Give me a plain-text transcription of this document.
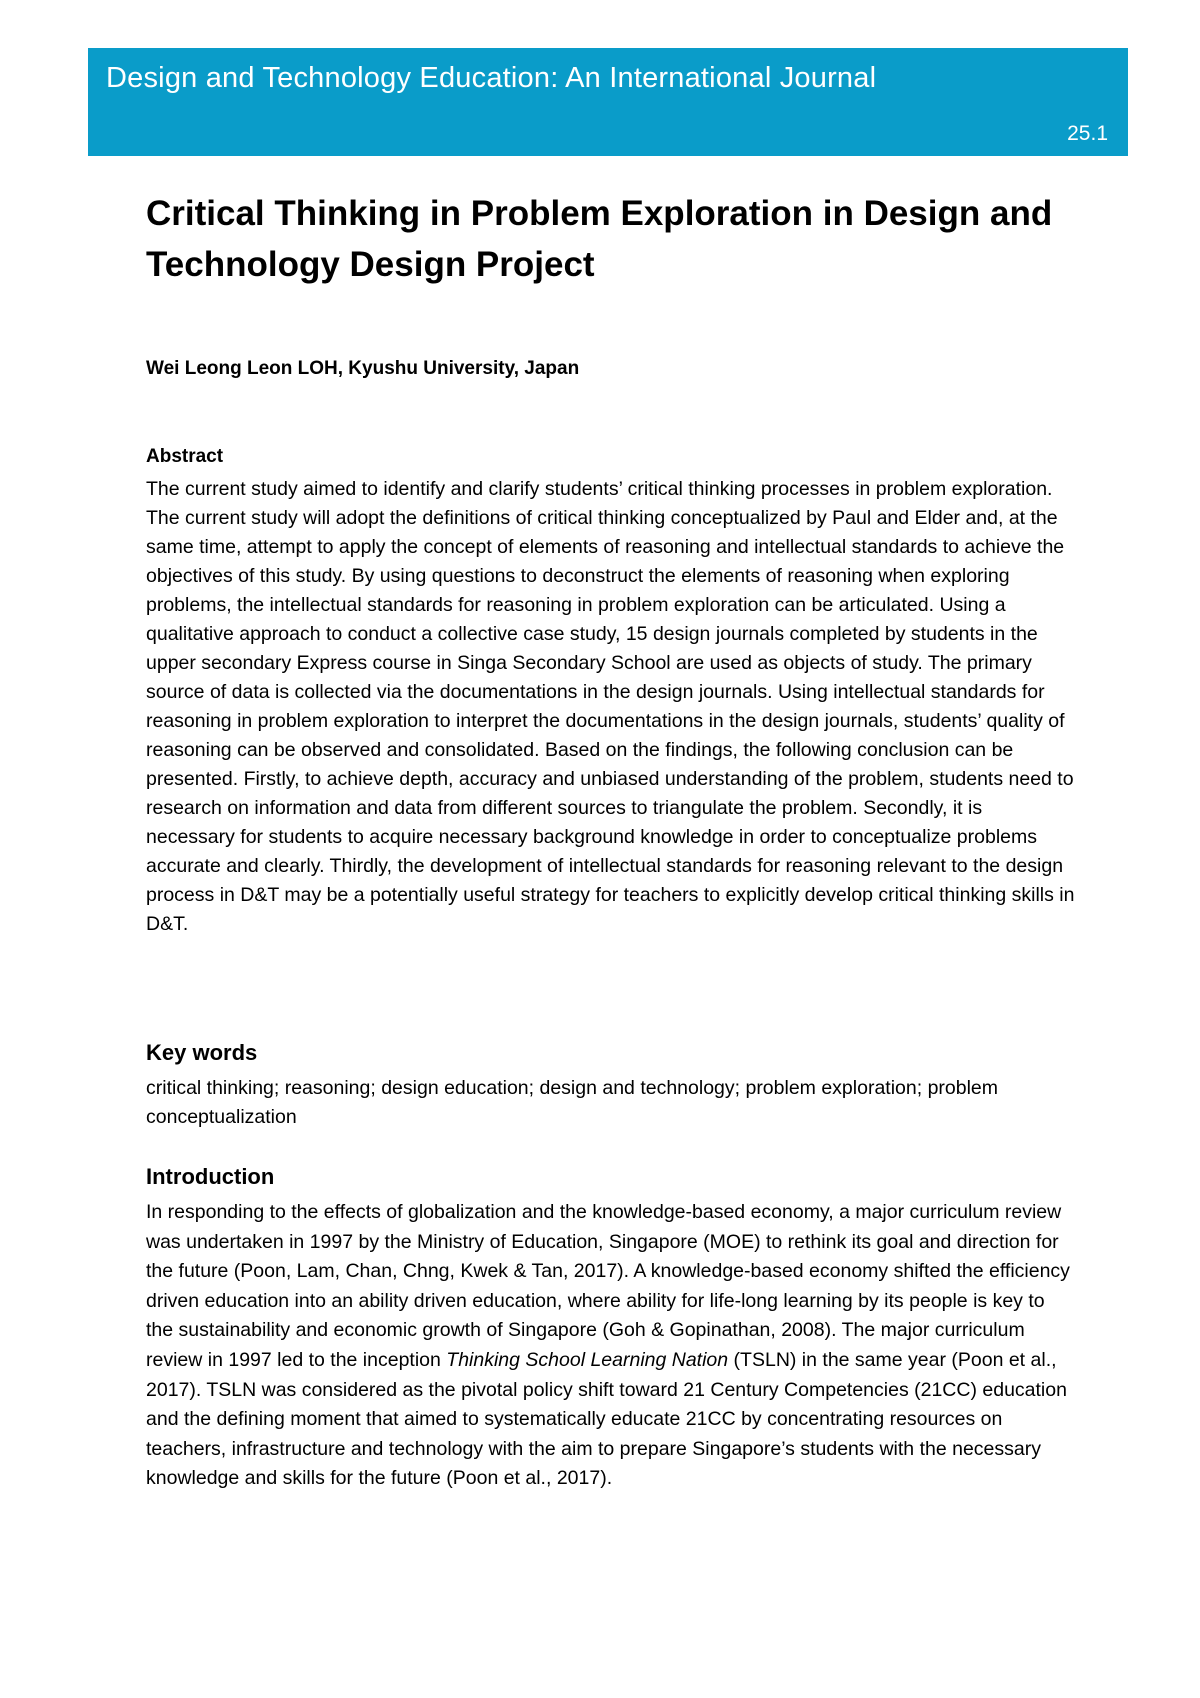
Design and Technology Education: An International Journal
25.1
Critical Thinking in Problem Exploration in Design and Technology Design Project

Wei Leong Leon LOH, Kyushu University, Japan

Abstract

The current study aimed to identify and clarify students’ critical thinking processes in problem exploration. The current study will adopt the definitions of critical thinking conceptualized by Paul and Elder and, at the same time, attempt to apply the concept of elements of reasoning and intellectual standards to achieve the objectives of this study. By using questions to deconstruct the elements of reasoning when exploring problems, the intellectual standards for reasoning in problem exploration can be articulated. Using a qualitative approach to conduct a collective case study, 15 design journals completed by students in the upper secondary Express course in Singa Secondary School are used as objects of study. The primary source of data is collected via the documentations in the design journals. Using intellectual standards for reasoning in problem exploration to interpret the documentations in the design journals, students’ quality of reasoning can be observed and consolidated. Based on the findings, the following conclusion can be presented. Firstly, to achieve depth, accuracy and unbiased understanding of the problem, students need to research on information and data from different sources to triangulate the problem. Secondly, it is necessary for students to acquire necessary background knowledge in order to conceptualize problems accurate and clearly. Thirdly, the development of intellectual standards for reasoning relevant to the design process in D&T may be a potentially useful strategy for teachers to explicitly develop critical thinking skills in D&T.

Key words

critical thinking; reasoning; design education; design and technology; problem exploration; problem conceptualization

Introduction

In responding to the effects of globalization and the knowledge-based economy, a major curriculum review was undertaken in 1997 by the Ministry of Education, Singapore (MOE) to rethink its goal and direction for the future (Poon, Lam, Chan, Chng, Kwek & Tan, 2017). A knowledge-based economy shifted the efficiency driven education into an ability driven education, where ability for life-long learning by its people is key to the sustainability and economic growth of Singapore (Goh & Gopinathan, 2008). The major curriculum review in 1997 led to the inception Thinking School Learning Nation (TSLN) in the same year (Poon et al., 2017). TSLN was considered as the pivotal policy shift toward 21 Century Competencies (21CC) education and the defining moment that aimed to systematically educate 21CC by concentrating resources on teachers, infrastructure and technology with the aim to prepare Singapore’s students with the necessary knowledge and skills for the future (Poon et al., 2017).
